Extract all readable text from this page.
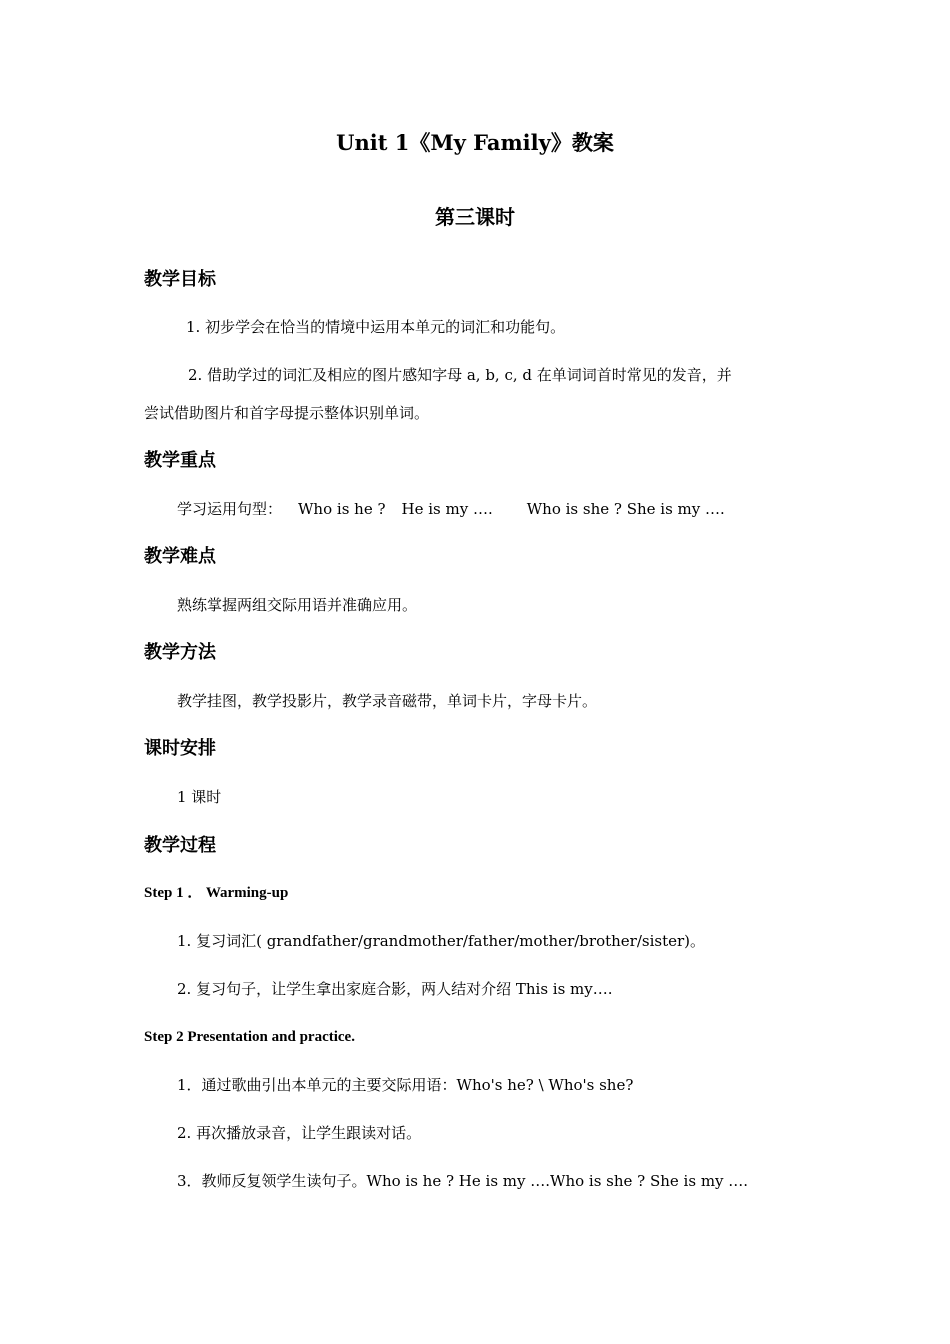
Unit 1《My Family》教案
第三课时
教学目标
1. 初步学会在恰当的情境中运用本单元的词汇和功能句。
2. 借助学过的词汇及相应的图片感知字母 a, b, c, d 在单词词首时常见的发音，并
尝试借助图片和首字母提示整体识别单词。
教学重点
学习运用句型： Who is he ? He is my …. Who is she ? She is my ….
教学难点
熟练掌握两组交际用语并准确应用。
教学方法
教学挂图，教学投影片，教学录音磁带，单词卡片，字母卡片。
课时安排
1 课时
教学过程
Step 1 ． Warming-up
1. 复习词汇( grandfather/grandmother/father/mother/brother/sister)。
2. 复习句子，让学生拿出家庭合影，两人结对介绍 This is my….
Step 2 Presentation and practice.
1．通过歌曲引出本单元的主要交际用语：Who's he? \ Who's she?
2. 再次播放录音，让学生跟读对话。
3．教师反复领学生读句子。Who is he ? He is my ….Who is she ? She is my ….
